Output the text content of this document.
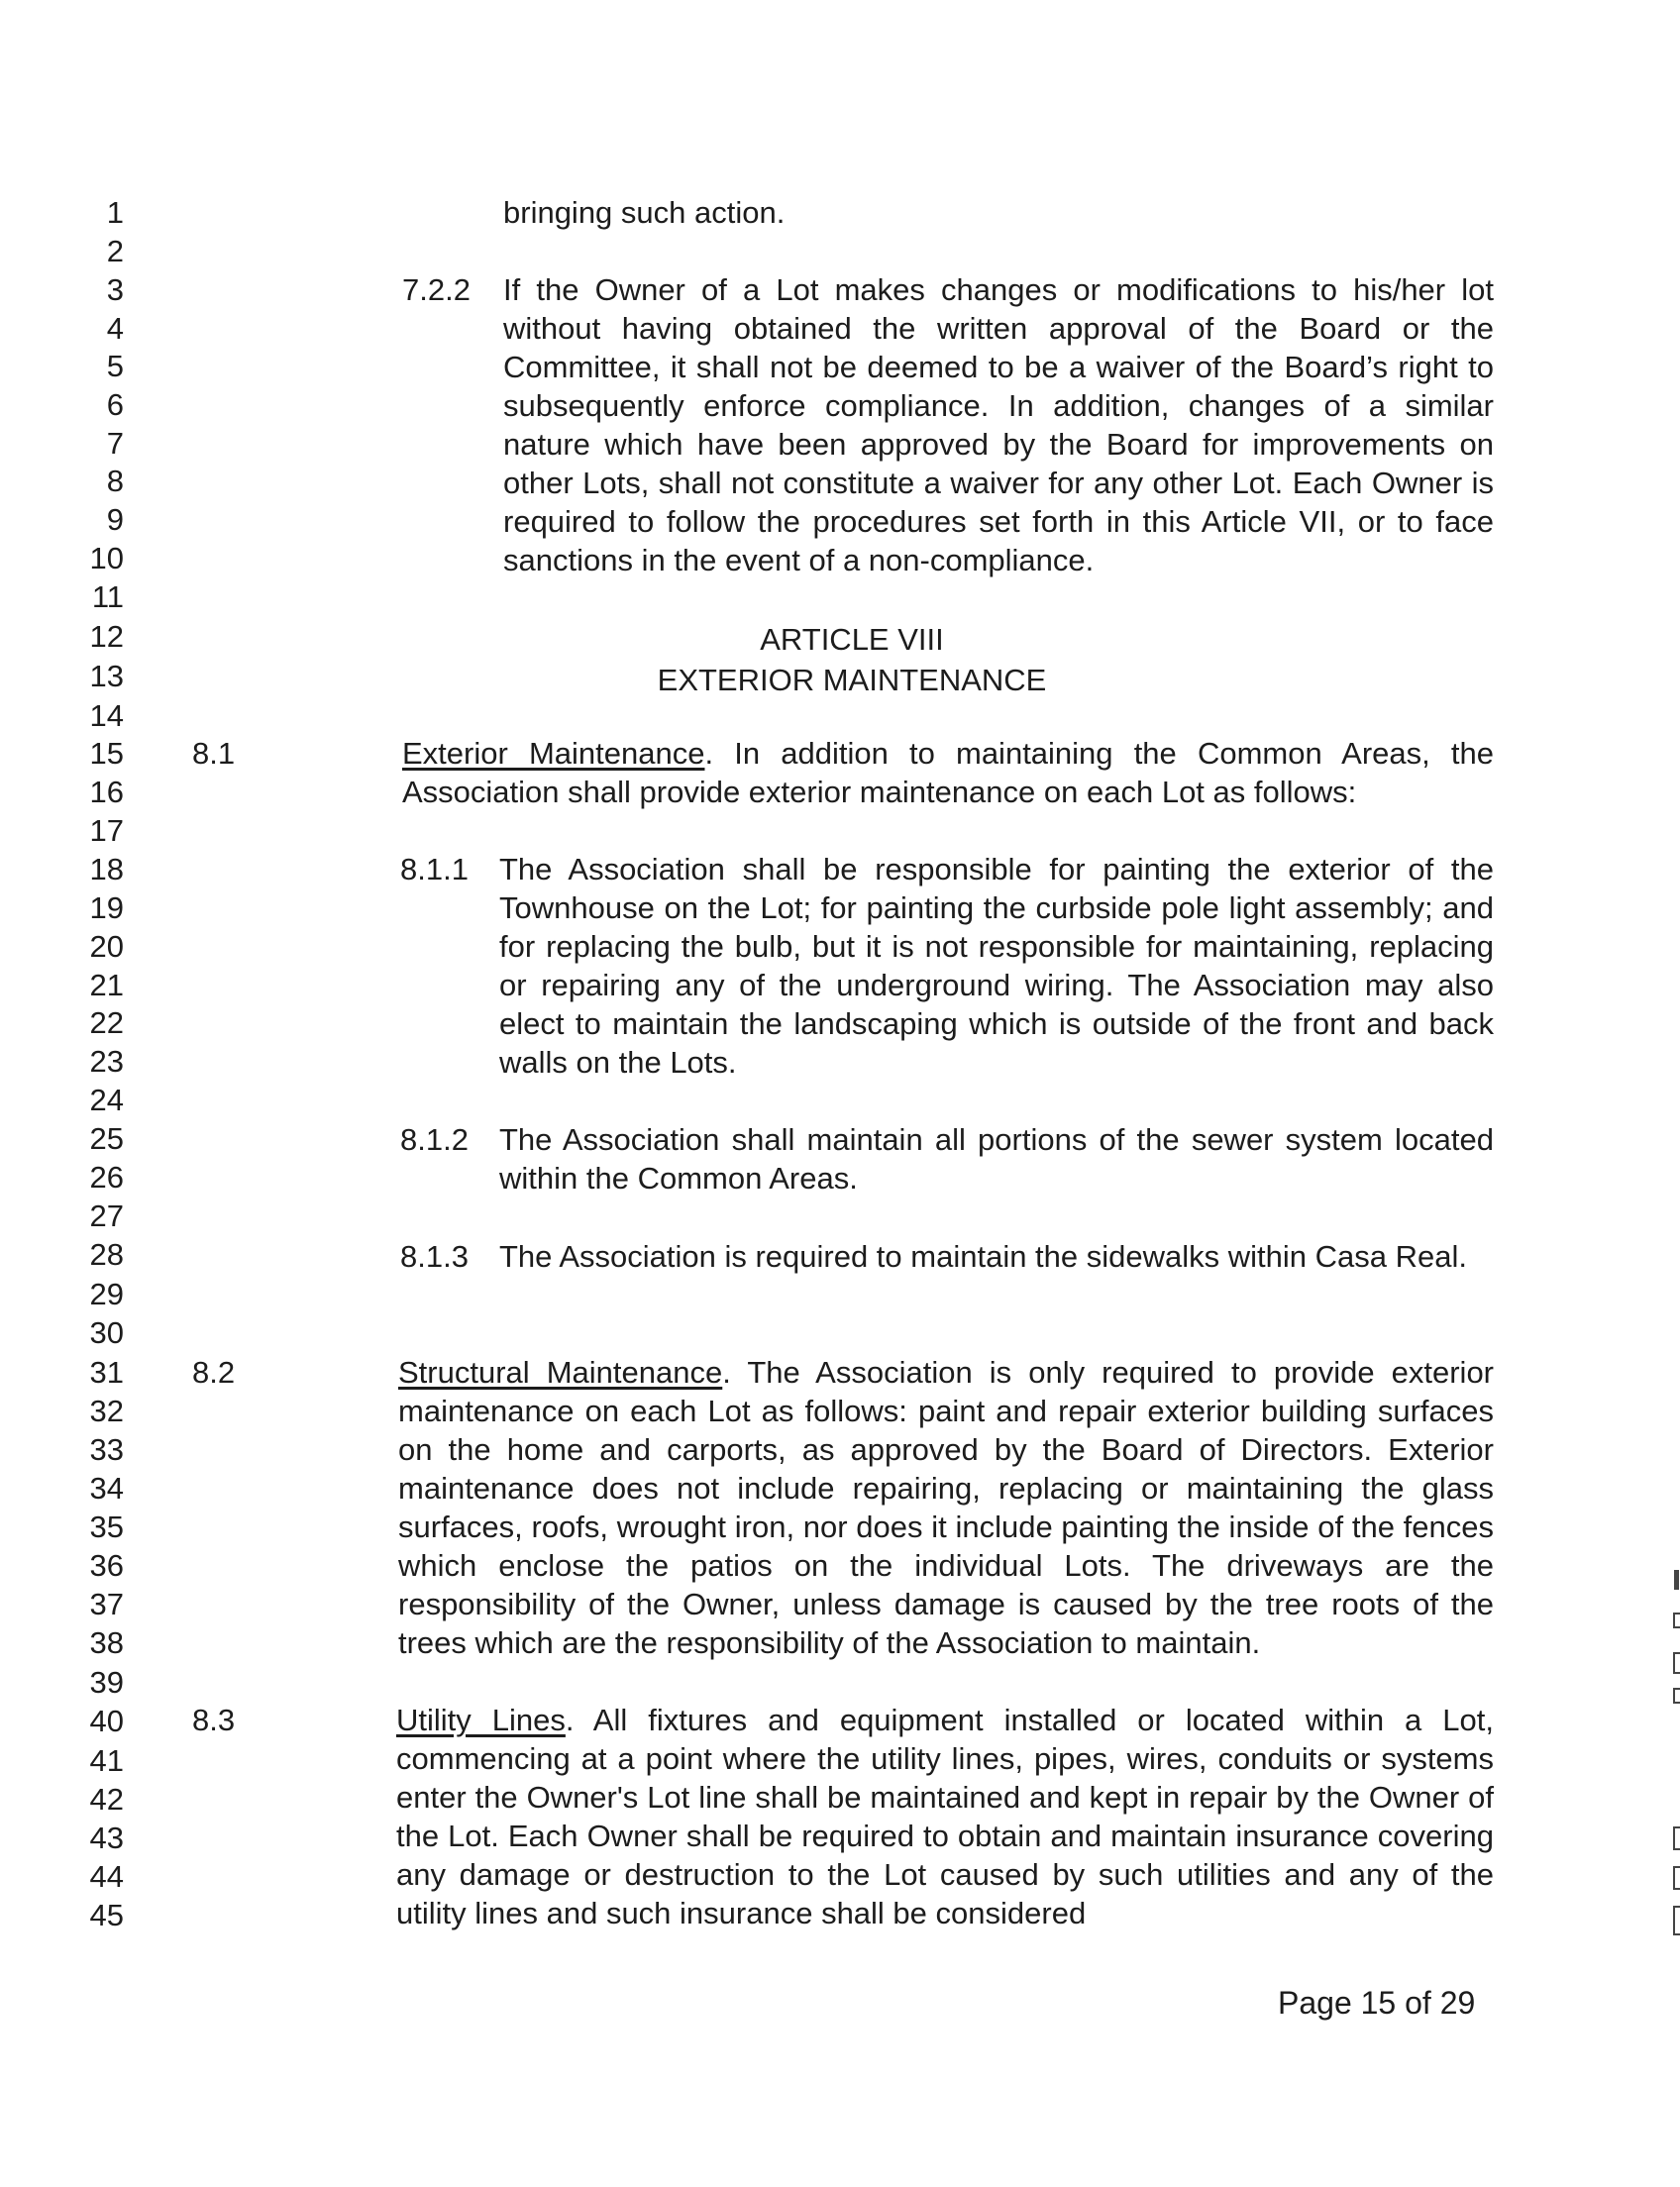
1
2
3
4
5
6
7
8
9
10
11
12
13
14
15
16
17
18
19
20
21
22
23
24
25
26
27
28
29
30
31
32
33
34
35
36
37
38
39
40
41
42
43
44
45
bringing such action.
7.2.2 If the Owner of a Lot makes changes or modifications to his/her lot without having obtained the written approval of the Board or the Committee, it shall not be deemed to be a waiver of the Board’s right to subsequently enforce compliance. In addition, changes of a similar nature which have been approved by the Board for improvements on other Lots, shall not constitute a waiver for any other Lot. Each Owner is required to follow the procedures set forth in this Article VII, or to face sanctions in the event of a non-compliance.
ARTICLE VIII
EXTERIOR MAINTENANCE
8.1	Exterior Maintenance. In addition to maintaining the Common Areas, the Association shall provide exterior maintenance on each Lot as follows:
8.1.1 The Association shall be responsible for painting the exterior of the Townhouse on the Lot; for painting the curbside pole light assembly; and for replacing the bulb, but it is not responsible for maintaining, replacing or repairing any of the underground wiring. The Association may also elect to maintain the landscaping which is outside of the front and back walls on the Lots.
8.1.2 The Association shall maintain all portions of the sewer system located within the Common Areas.
8.1.3 The Association is required to maintain the sidewalks within Casa Real.
8.2	Structural Maintenance. The Association is only required to provide exterior maintenance on each Lot as follows: paint and repair exterior building surfaces on the home and carports, as approved by the Board of Directors. Exterior maintenance does not include repairing, replacing or maintaining the glass surfaces, roofs, wrought iron, nor does it include painting the inside of the fences which enclose the patios on the individual Lots. The driveways are the responsibility of the Owner, unless damage is caused by the tree roots of the trees which are the responsibility of the Association to maintain.
8.3	Utility Lines. All fixtures and equipment installed or located within a Lot, commencing at a point where the utility lines, pipes, wires, conduits or systems enter the Owner's Lot line shall be maintained and kept in repair by the Owner of the Lot. Each Owner shall be required to obtain and maintain insurance covering any damage or destruction to the Lot caused by such utilities and any of the utility lines and such insurance shall be considered
Page 15 of 29
